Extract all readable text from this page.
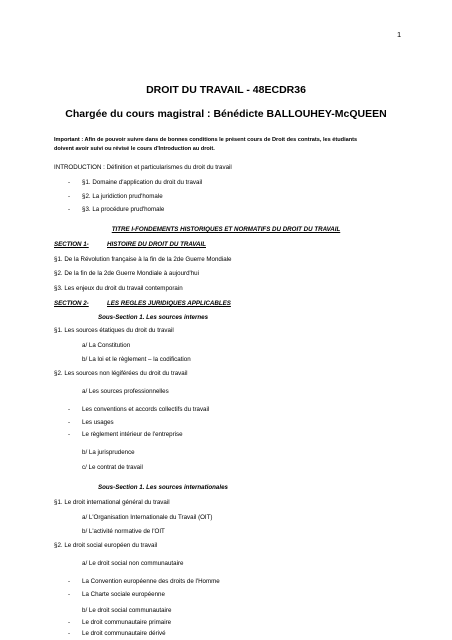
1
DROIT DU TRAVAIL - 48ECDR36
Chargée du cours magistral : Bénédicte BALLOUHEY-McQUEEN
Important : Afin de pouvoir suivre dans de bonnes conditions le présent cours de Droit des contrats, les étudiants
doivent avoir suivi ou révisé le cours d'Introduction au droit.
INTRODUCTION : Définition et particularismes du droit du travail
- §1. Domaine d'application du droit du travail
- §2. La juridiction prud'homale
- §3. La procédure prud'homale
TITRE I-FONDEMENTS HISTORIQUES ET NORMATIFS DU DROIT DU TRAVAIL
SECTION 1-	HISTOIRE DU DROIT DU TRAVAIL
§1. De la Révolution française à la fin de la 2de Guerre Mondiale
§2. De la fin de la 2de Guerre Mondiale à aujourd'hui
§3. Les enjeux du droit du travail contemporain
SECTION 2-	LES REGLES JURIDIQUES APPLICABLES
Sous-Section 1. Les sources internes
§1. Les sources étatiques du droit du travail
a/ La Constitution
b/ La loi et le règlement – la codification
§2. Les sources non légiférées du droit du travail
a/ Les sources professionnelles
- Les conventions et accords collectifs du travail
- Les usages
- Le règlement intérieur de l'entreprise
b/ La jurisprudence
c/ Le contrat de travail
Sous-Section 1. Les sources internationales
§1. Le droit international général du travail
a/ L'Organisation Internationale du Travail (OIT)
b/ L'activité normative de l'OIT
§2. Le droit social européen du travail
a/ Le droit social non communautaire
- La Convention européenne des droits de l'Homme
- La Charte sociale européenne
b/ Le droit social communautaire
- Le droit communautaire primaire
- Le droit communautaire dérivé
